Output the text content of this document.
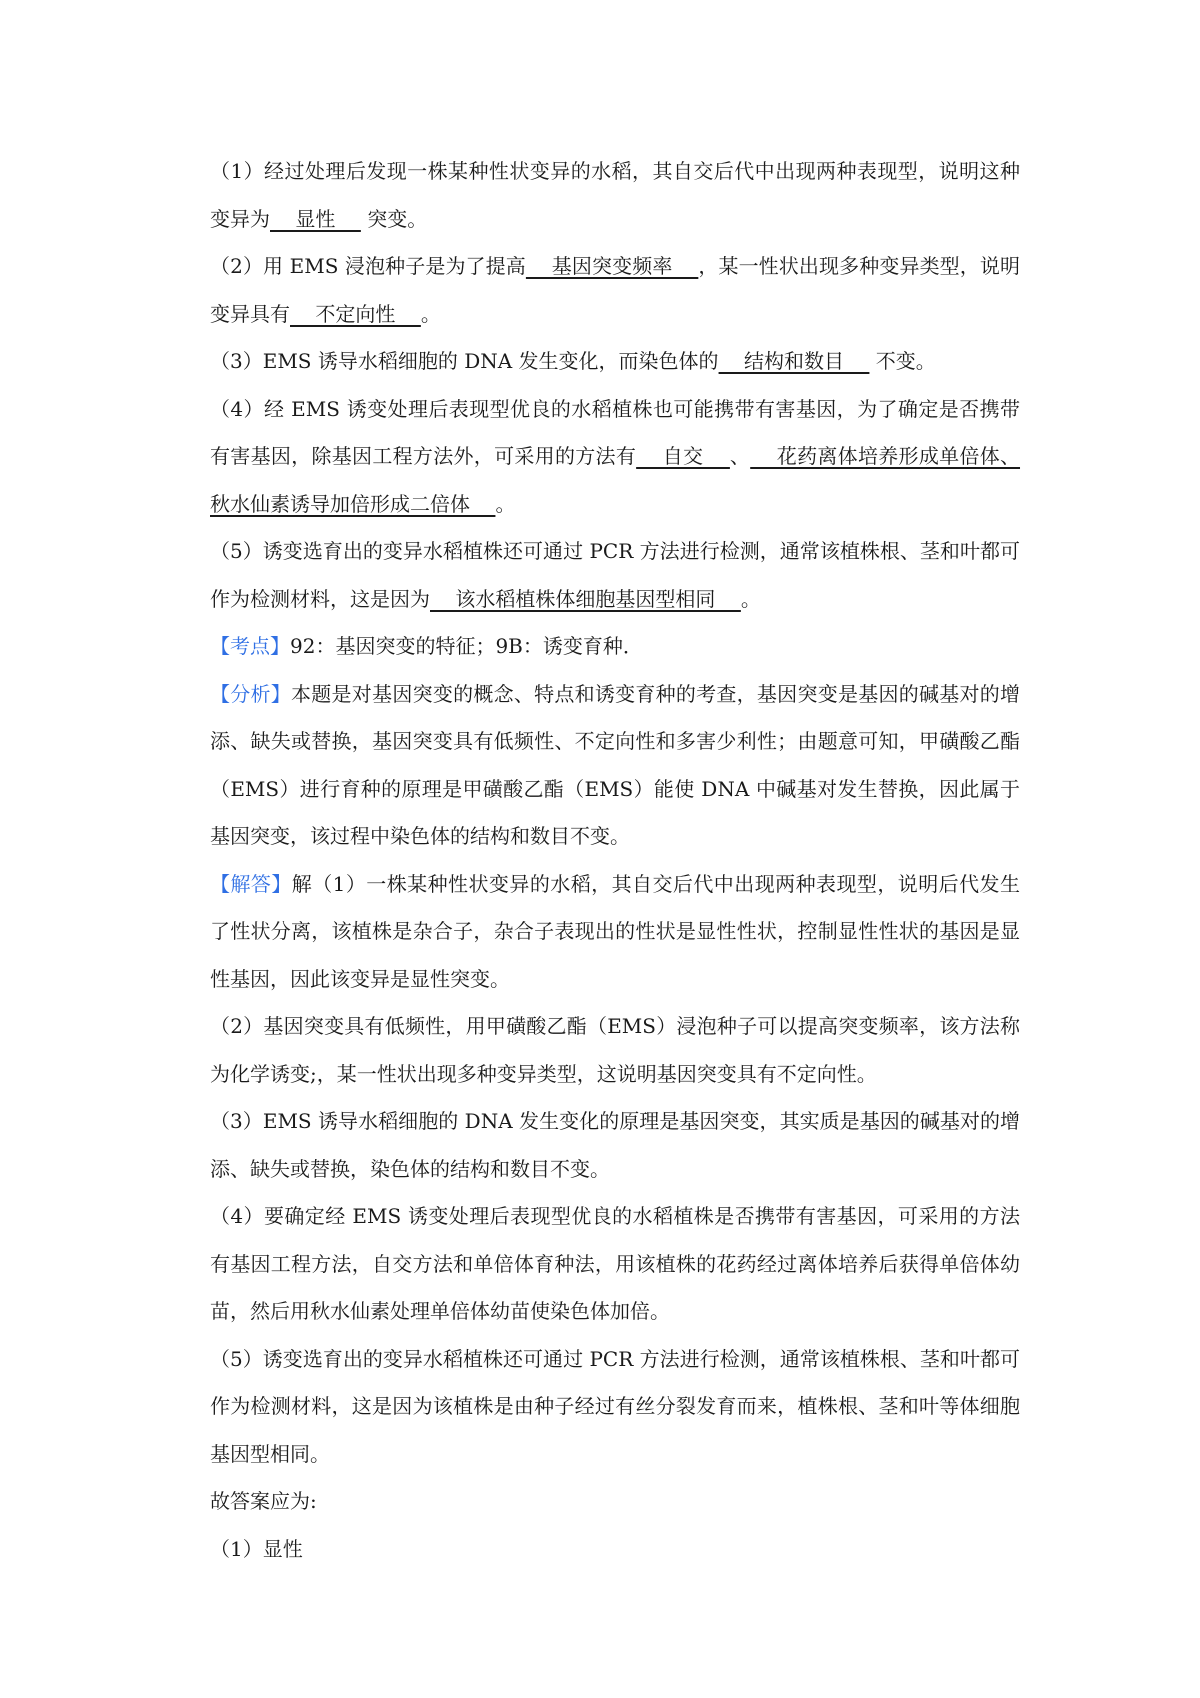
（1）经过处理后发现一株某种性状变异的水稻，其自交后代中出现两种表现型，说明这种变异为    显性     突变。

（2）用 EMS 浸泡种子是为了提高    基因突变频率    ，某一性状出现多种变异类型，说明变异具有    不定向性    。

（3）EMS 诱导水稻细胞的 DNA 发生变化，而染色体的    结构和数目     不变。

（4）经 EMS 诱变处理后表现型优良的水稻植株也可能携带有害基因，为了确定是否携带有害基因，除基因工程方法外，可采用的方法有    自交    、    花药离体培养形成单倍体、秋水仙素诱导加倍形成二倍体    。

（5）诱变选育出的变异水稻植株还可通过 PCR 方法进行检测，通常该植株根、茎和叶都可作为检测材料，这是因为    该水稻植株体细胞基因型相同    。

【考点】92：基因突变的特征；9B：诱变育种．

【分析】本题是对基因突变的概念、特点和诱变育种的考查，基因突变是基因的碱基对的增添、缺失或替换，基因突变具有低频性、不定向性和多害少利性；由题意可知，甲磺酸乙酯（EMS）进行育种的原理是甲磺酸乙酯（EMS）能使 DNA 中碱基对发生替换，因此属于基因突变，该过程中染色体的结构和数目不变。

【解答】解（1）一株某种性状变异的水稻，其自交后代中出现两种表现型，说明后代发生了性状分离，该植株是杂合子，杂合子表现出的性状是显性性状，控制显性性状的基因是显性基因，因此该变异是显性突变。

（2）基因突变具有低频性，用甲磺酸乙酯（EMS）浸泡种子可以提高突变频率，该方法称为化学诱变;，某一性状出现多种变异类型，这说明基因突变具有不定向性。

（3）EMS 诱导水稻细胞的 DNA 发生变化的原理是基因突变，其实质是基因的碱基对的增添、缺失或替换，染色体的结构和数目不变。

（4）要确定经 EMS 诱变处理后表现型优良的水稻植株是否携带有害基因，可采用的方法有基因工程方法，自交方法和单倍体育种法，用该植株的花药经过离体培养后获得单倍体幼苗，然后用秋水仙素处理单倍体幼苗使染色体加倍。

（5）诱变选育出的变异水稻植株还可通过 PCR 方法进行检测，通常该植株根、茎和叶都可作为检测材料，这是因为该植株是由种子经过有丝分裂发育而来，植株根、茎和叶等体细胞基因型相同。

故答案应为:

（1）显性
